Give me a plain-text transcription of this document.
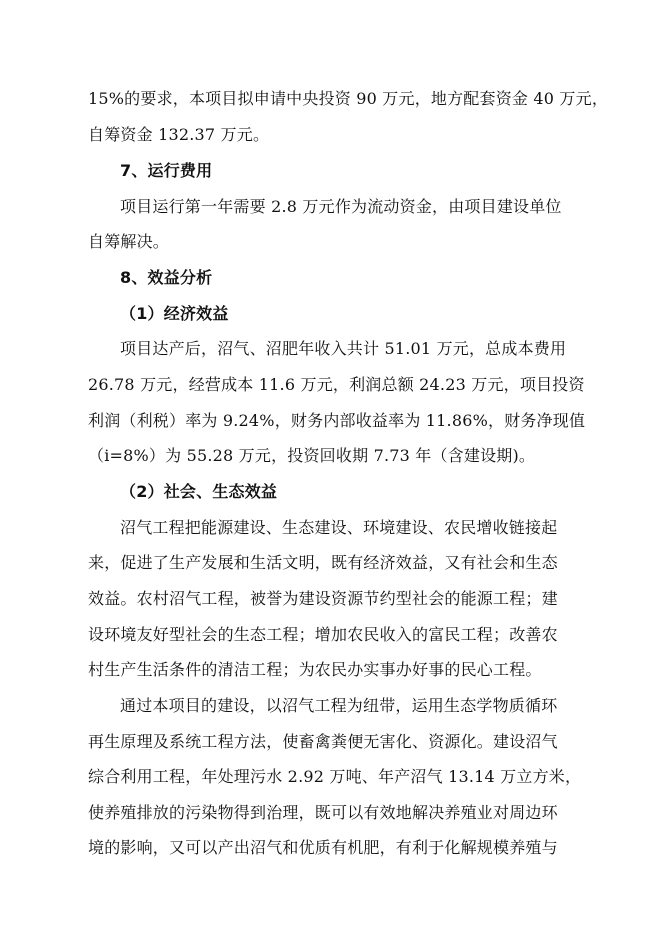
15%的要求，本项目拟申请中央投资 90 万元，地方配套资金 40 万元，
自筹资金 132.37 万元。
7、运行费用
项目运行第一年需要 2.8 万元作为流动资金，由项目建设单位
自筹解决。
8、效益分析
（1）经济效益
项目达产后，沼气、沼肥年收入共计 51.01 万元，总成本费用
26.78 万元，经营成本 11.6 万元，利润总额 24.23 万元，项目投资
利润（利税）率为 9.24%，财务内部收益率为 11.86%，财务净现值
（i=8%）为 55.28 万元，投资回收期 7.73 年（含建设期)。
（2）社会、生态效益
沼气工程把能源建设、生态建设、环境建设、农民增收链接起
来，促进了生产发展和生活文明，既有经济效益，又有社会和生态
效益。农村沼气工程，被誉为建设资源节约型社会的能源工程；建
设环境友好型社会的生态工程；增加农民收入的富民工程；改善农
村生产生活条件的清洁工程；为农民办实事办好事的民心工程。
通过本项目的建设，以沼气工程为纽带，运用生态学物质循环
再生原理及系统工程方法，使畜禽粪便无害化、资源化。建设沼气
综合利用工程，年处理污水 2.92 万吨、年产沼气 13.14 万立方米，
使养殖排放的污染物得到治理，既可以有效地解决养殖业对周边环
境的影响，又可以产出沼气和优质有机肥，有利于化解规模养殖与
